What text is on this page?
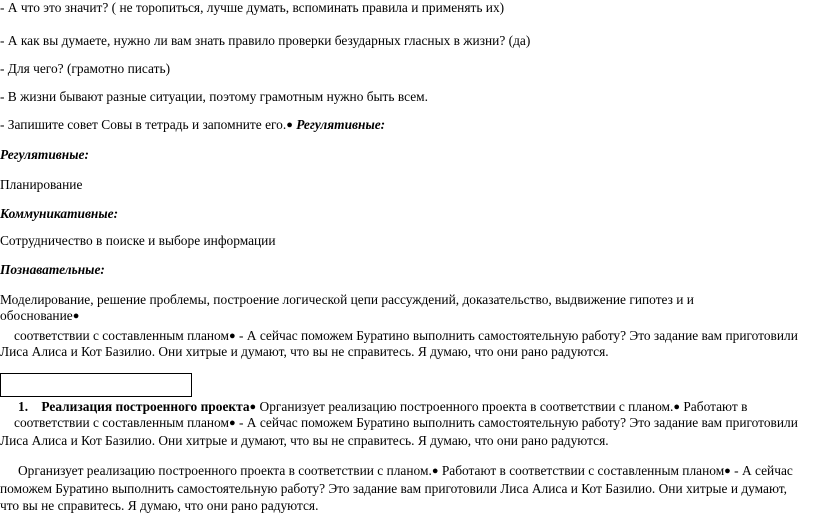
- А что это значит? ( не торопиться, лучше думать, вспоминать правила и применять их)
- А как вы думаете, нужно ли вам знать правило проверки безударных гласных в жизни? (да)
- Для чего? (грамотно писать)
- В жизни бывают разные ситуации, поэтому грамотным нужно быть всем.
- Запишите совет Совы в тетрадь и запомните его.● Регулятивные:
Регулятивные:
Планирование
Коммуникативные:
Сотрудничество в поиске и выборе информации
Познавательные:
Моделирование, решение проблемы, построение логической цепи рассуждений, доказательство, выдвижение гипотез и и
обоснование●
соответствии с составленным планом● - А сейчас поможем Буратино выполнить самостоятельную работу? Это задание вам приготовили
Лиса Алиса и Кот Базилио. Они хитрые и думают, что вы не справитесь. Я думаю, что они рано радуются.
1. Реализация построенного проекта● Организует реализацию построенного проекта в соответствии с планом.● Работают в
соответствии с составленным планом● - А сейчас поможем Буратино выполнить самостоятельную работу? Это задание вам приготовили
Лиса Алиса и Кот Базилио. Они хитрые и думают, что вы не справитесь. Я думаю, что они рано радуются.
Организует реализацию построенного проекта в соответствии с планом.● Работают в соответствии с составленным планом● - А сейчас
поможем Буратино выполнить самостоятельную работу? Это задание вам приготовили Лиса Алиса и Кот Базилио. Они хитрые и думают,
что вы не справитесь. Я думаю, что они рано радуются.
